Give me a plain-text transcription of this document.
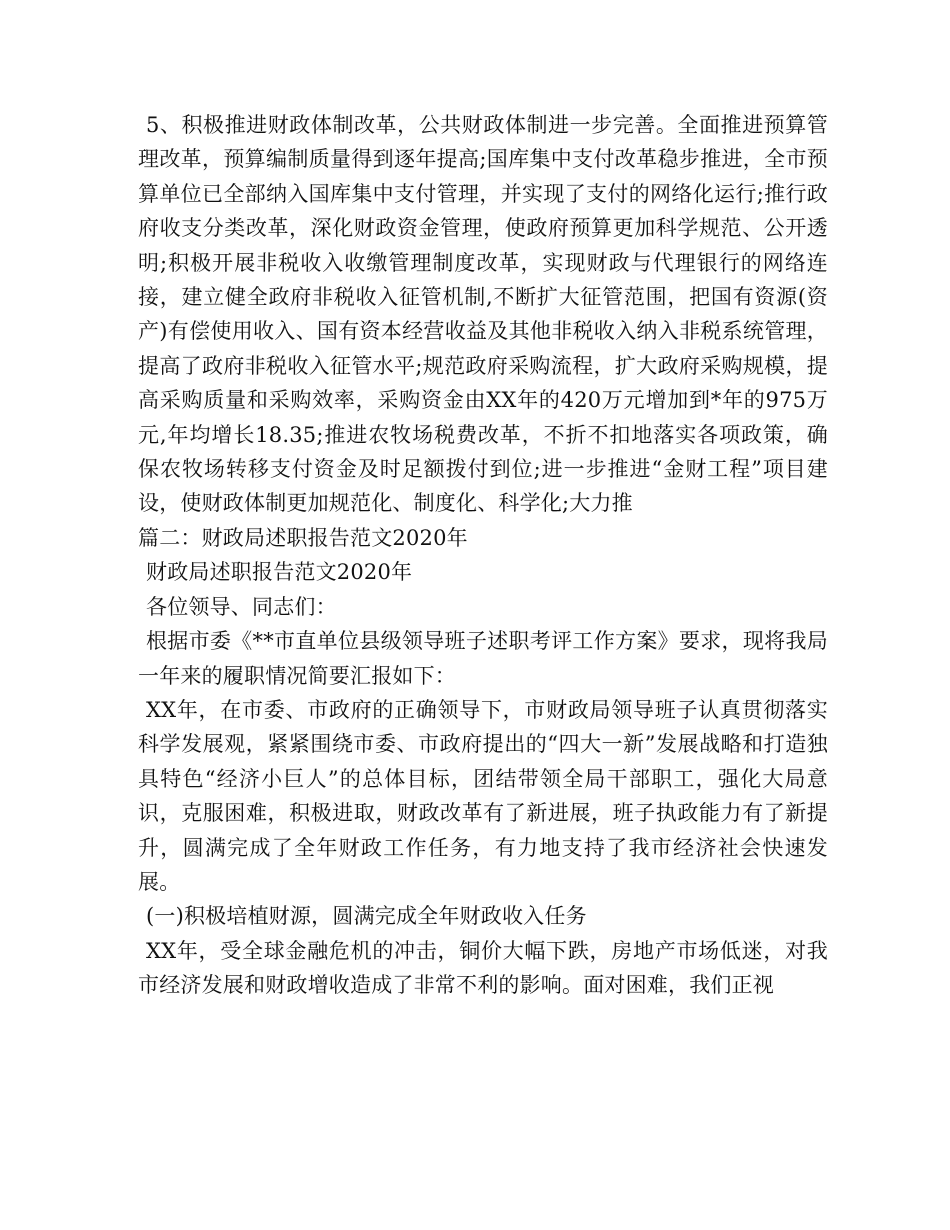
5、积极推进财政体制改革，公共财政体制进一步完善。全面推进预算管理改革，预算编制质量得到逐年提高;国库集中支付改革稳步推进，全市预算单位已全部纳入国库集中支付管理，并实现了支付的网络化运行;推行政府收支分类改革，深化财政资金管理，使政府预算更加科学规范、公开透明;积极开展非税收入收缴管理制度改革，实现财政与代理银行的网络连接，建立健全政府非税收入征管机制,不断扩大征管范围，把国有资源(资产)有偿使用收入、国有资本经营收益及其他非税收入纳入非税系统管理，提高了政府非税收入征管水平;规范政府采购流程，扩大政府采购规模，提高采购质量和采购效率，采购资金由XX年的420万元增加到*年的975万元,年均增长18.35;推进农牧场税费改革，不折不扣地落实各项政策，确保农牧场转移支付资金及时足额拨付到位;进一步推进“金财工程”项目建设，使财政体制更加规范化、制度化、科学化;大力推

篇二：财政局述职报告范文2020年

财政局述职报告范文2020年

各位领导、同志们：

根据市委《**市直单位县级领导班子述职考评工作方案》要求，现将我局一年来的履职情况简要汇报如下：

XX年，在市委、市政府的正确领导下，市财政局领导班子认真贯彻落实科学发展观，紧紧围绕市委、市政府提出的“四大一新”发展战略和打造独具特色“经济小巨人”的总体目标，团结带领全局干部职工，强化大局意识，克服困难，积极进取，财政改革有了新进展，班子执政能力有了新提升，圆满完成了全年财政工作任务，有力地支持了我市经济社会快速发展。

(一)积极培植财源，圆满完成全年财政收入任务

XX年，受全球金融危机的冲击，铜价大幅下跌，房地产市场低迷，对我市经济发展和财政增收造成了非常不利的影响。面对困难，我们正视
